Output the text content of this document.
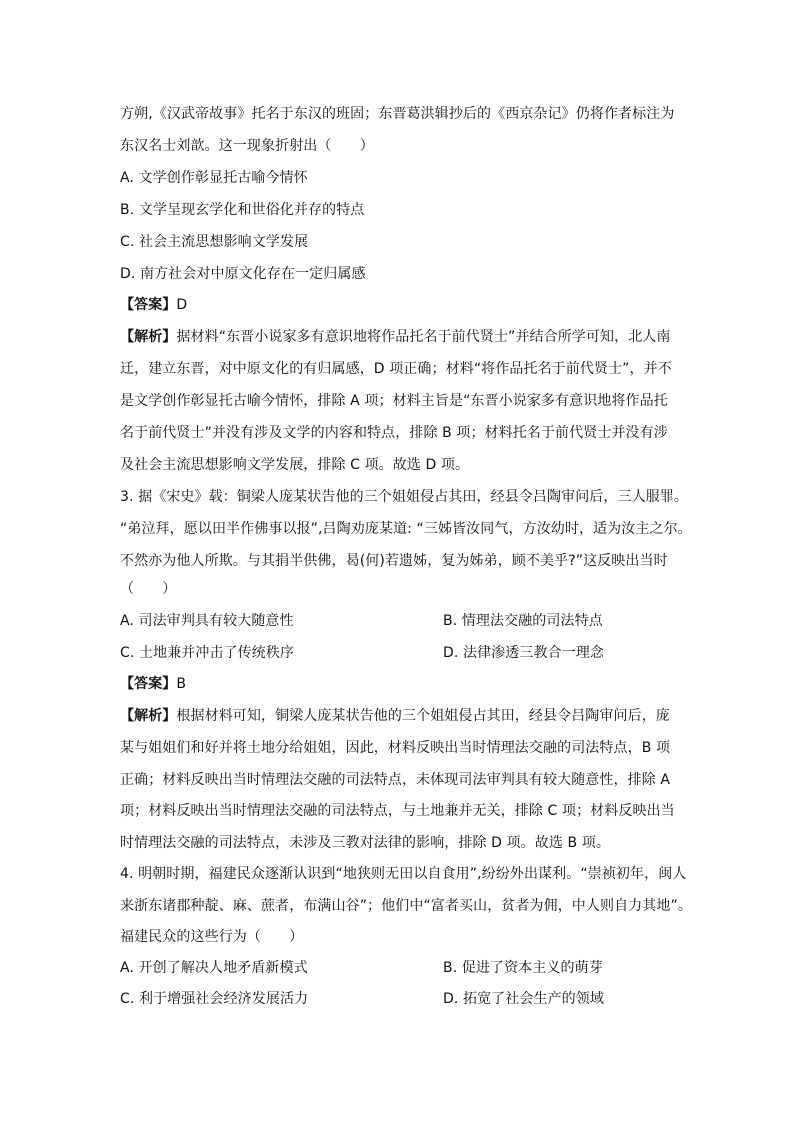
方朔,《汉武帝故事》托名于东汉的班固；东晋葛洪辑抄后的《西京杂记》仍将作者标注为
东汉名士刘歆。这一现象折射出（　　）
A. 文学创作彰显托古喻今情怀
B. 文学呈现玄学化和世俗化并存的特点
C. 社会主流思想影响文学发展
D. 南方社会对中原文化存在一定归属感
【答案】D
【解析】据材料“东晋小说家多有意识地将作品托名于前代贤士”并结合所学可知，北人南
迁，建立东晋，对中原文化的有归属感，D 项正确；材料“将作品托名于前代贤士”，并不
是文学创作彰显托古喻今情怀，排除 A 项；材料主旨是“东晋小说家多有意识地将作品托
名于前代贤士”并没有涉及文学的内容和特点，排除 B 项；材料托名于前代贤士并没有涉
及社会主流思想影响文学发展，排除 C 项。故选 D 项。
3. 据《宋史》载：铜梁人庞某状告他的三个姐姐侵占其田，经县令吕陶审问后，三人服罪。
“弟泣拜，愿以田半作佛事以报”,吕陶劝庞某道: “三姊皆汝同气，方汝幼时，适为汝主之尔。
不然亦为他人所欺。与其捐半供佛，曷(何)若遗姊，复为姊弟，顾不美乎?”这反映出当时
（　　）
A. 司法审判具有较大随意性	B. 情理法交融的司法特点
C. 土地兼并冲击了传统秩序	D. 法律渗透三教合一理念
【答案】B
【解析】根据材料可知，铜梁人庞某状告他的三个姐姐侵占其田，经县令吕陶审问后，庞
某与姐姐们和好并将土地分给姐姐，因此，材料反映出当时情理法交融的司法特点，B 项
正确；材料反映出当时情理法交融的司法特点，未体现司法审判具有较大随意性，排除 A
项；材料反映出当时情理法交融的司法特点，与土地兼并无关，排除 C 项；材料反映出当
时情理法交融的司法特点，未涉及三教对法律的影响，排除 D 项。故选 B 项。
4. 明朝时期，福建民众逐渐认识到“地狭则无田以自食用”,纷纷外出谋利。“崇祯初年，闽人
来浙东诸郡种靛、麻、蔗者，布满山谷”；他们中“富者买山，贫者为佣，中人则自力其地”。
福建民众的这些行为（　　）
A. 开创了解决人地矛盾新模式	B. 促进了资本主义的萌芽
C. 利于增强社会经济发展活力	D. 拓宽了社会生产的领域
